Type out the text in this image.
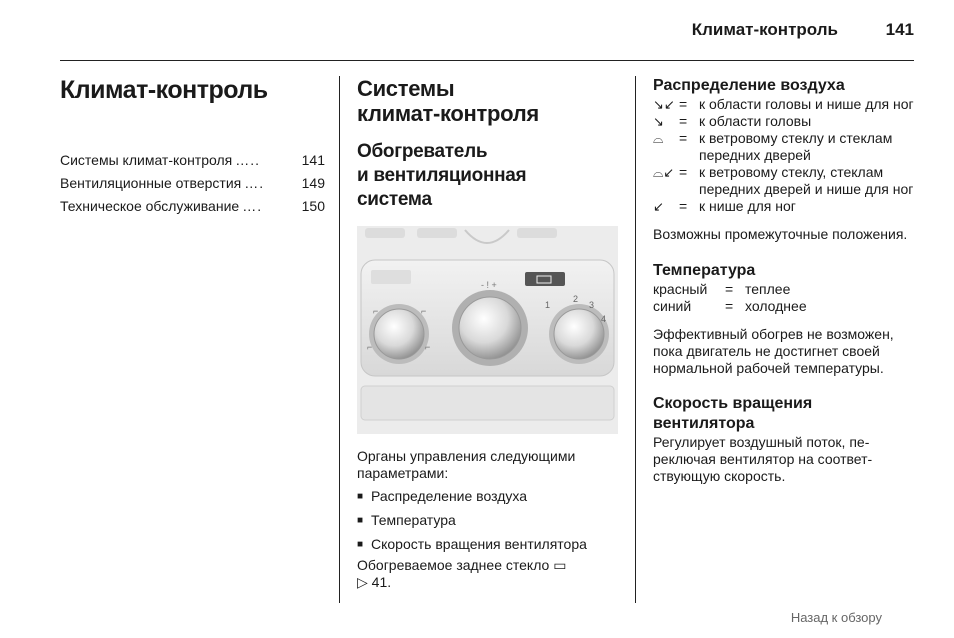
Климат-контроль	141
Климат-контроль
Системы климат-контроля …..	141
Вентиляционные отверстия ….	149
Техническое обслуживание ….	150
Системы
климат-контроля
Обогреватель
и вентиляционная
система
⌐	⌐
⌐	⌐
- ! +
1
2
3
4

Органы управления следующими параметрами:

■ Распределение воздуха
■ Температура
■ Скорость вращения вентилятора

Обогреваемое заднее стекло ▭
▷ 41.

Распределение воздуха
↘↙ = к области головы и нише для ног
↘	= к области головы
⌓	= к ветровому стеклу и стеклам передних дверей
⌓↙ = к ветровому стеклу, стеклам передних дверей и нише для ног
↙	= к нише для ног

Возможны промежуточные положения.

Температура
красный	= теплее
синий	= холоднее

Эффективный обогрев не возможен, пока двигатель не достигнет своей нормальной рабочей температуры.

Скорость вращения
вентилятора

Регулирует воздушный поток, переключая вентилятор на соответствующую скорость.

Назад к обзору
